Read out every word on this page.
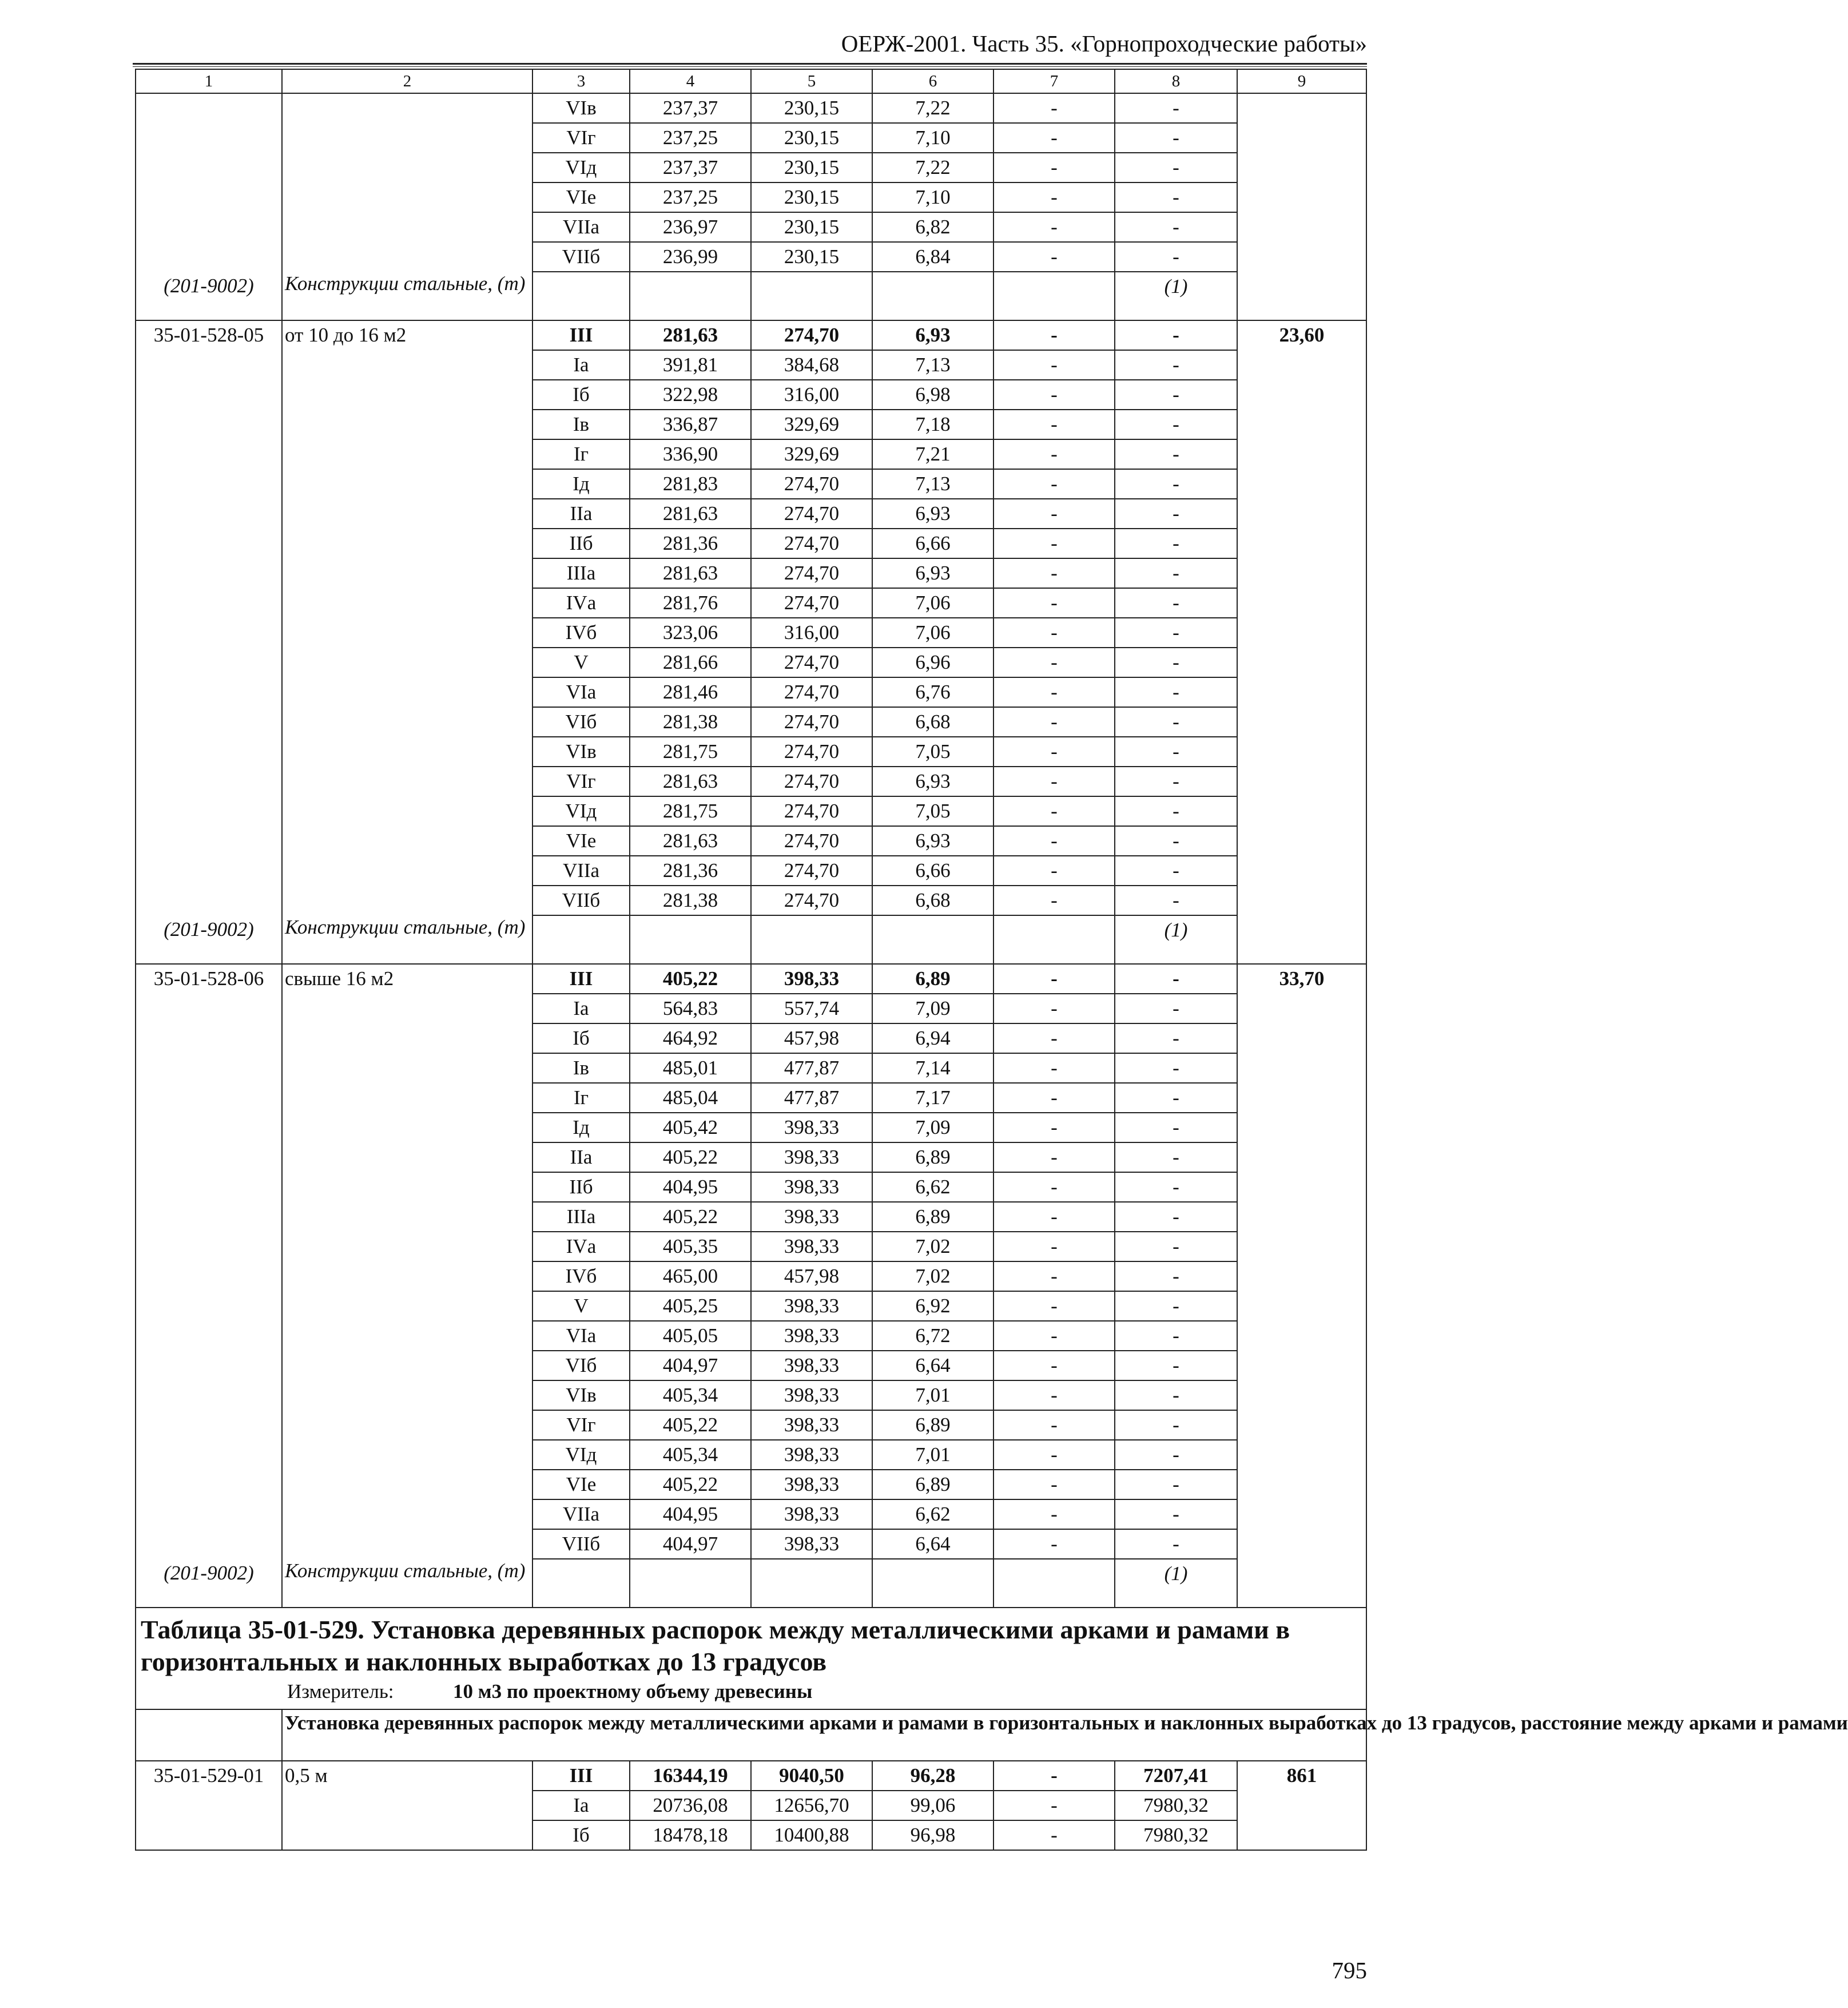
ОЕРЖ-2001. Часть 35. «Горнопроходческие работы»
1	2	3	4	5	6	7	8	9
		VIв	237,37	230,15	7,22	-	-	
		VIг	237,25	230,15	7,10	-	-	
		VIд	237,37	230,15	7,22	-	-	
		VIе	237,25	230,15	7,10	-	-	
		VIIа	236,97	230,15	6,82	-	-	
		VIIб	236,99	230,15	6,84	-	-	
(201-9002)	Конструкции стальные, (т)						(1)	
35-01-528-05	от 10 до 16 м2	III	281,63	274,70	6,93	-	-	23,60
		Iа	391,81	384,68	7,13	-	-	
		Iб	322,98	316,00	6,98	-	-	
		Iв	336,87	329,69	7,18	-	-	
		Iг	336,90	329,69	7,21	-	-	
		Iд	281,83	274,70	7,13	-	-	
		IIа	281,63	274,70	6,93	-	-	
		IIб	281,36	274,70	6,66	-	-	
		IIIа	281,63	274,70	6,93	-	-	
		IVа	281,76	274,70	7,06	-	-	
		IVб	323,06	316,00	7,06	-	-	
		V	281,66	274,70	6,96	-	-	
		VIа	281,46	274,70	6,76	-	-	
		VIб	281,38	274,70	6,68	-	-	
		VIв	281,75	274,70	7,05	-	-	
		VIг	281,63	274,70	6,93	-	-	
		VIд	281,75	274,70	7,05	-	-	
		VIе	281,63	274,70	6,93	-	-	
		VIIа	281,36	274,70	6,66	-	-	
		VIIб	281,38	274,70	6,68	-	-	
(201-9002)	Конструкции стальные, (т)						(1)	
35-01-528-06	свыше 16 м2	III	405,22	398,33	6,89	-	-	33,70
		Iа	564,83	557,74	7,09	-	-	
		Iб	464,92	457,98	6,94	-	-	
		Iв	485,01	477,87	7,14	-	-	
		Iг	485,04	477,87	7,17	-	-	
		Iд	405,42	398,33	7,09	-	-	
		IIа	405,22	398,33	6,89	-	-	
		IIб	404,95	398,33	6,62	-	-	
		IIIа	405,22	398,33	6,89	-	-	
		IVа	405,35	398,33	7,02	-	-	
		IVб	465,00	457,98	7,02	-	-	
		V	405,25	398,33	6,92	-	-	
		VIа	405,05	398,33	6,72	-	-	
		VIб	404,97	398,33	6,64	-	-	
		VIв	405,34	398,33	7,01	-	-	
		VIг	405,22	398,33	6,89	-	-	
		VIд	405,34	398,33	7,01	-	-	
		VIе	405,22	398,33	6,89	-	-	
		VIIа	404,95	398,33	6,62	-	-	
		VIIб	404,97	398,33	6,64	-	-	
(201-9002)	Конструкции стальные, (т)						(1)	

Таблица 35-01-529. Установка деревянных распорок между металлическими арками и рамами в горизонтальных и наклонных выработках до 13 градусов
Измеритель: 10 м3 по проектному объему древесины								

	Установка деревянных распорок между металлическими арками и рамами в горизонтальных и наклонных выработках до 13 градусов, расстояние между арками и рамами							
35-01-529-01	0,5 м	III	16344,19	9040,50	96,28	-	7207,41	861
		Iа	20736,08	12656,70	99,06	-	7980,32	
		Iб	18478,18	10400,88	96,98	-	7980,32	
795
